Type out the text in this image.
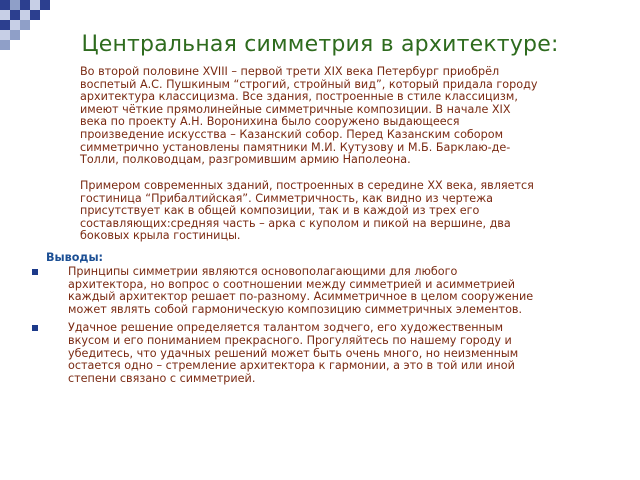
Центральная симметрия в архитектуре:
Во второй половине XVIII – первой трети XIX века Петербург приобрёл
воспетый А.С. Пушкиным “строгий, стройный вид”, который придала городу
архитектура классицизма. Все здания, построенные в стиле классицизм,
имеют чёткие прямолинейные симметричные композиции. В начале XIX
века по проекту А.Н. Воронихина было сооружено выдающееся
произведение искусства – Казанский собор. Перед Казанским собором
симметрично установлены памятники М.И. Кутузову и М.Б. Барклаю-де-
Толли, полководцам, разгромившим армию Наполеона.
Примером современных зданий, построенных в середине XX века, является
гостиница “Прибалтийская”. Симметричность, как видно из чертежа
присутствует как в общей композиции, так и в каждой из трех его
составляющих:средняя часть – арка с куполом и пикой на вершине, два
боковых крыла гостиницы.
Выводы:
Принципы симметрии являются основополагающими для любого
архитектора, но вопрос о соотношении между симметрией и асимметрией
каждый архитектор решает по-разному. Асимметричное в целом сооружение
может являть собой гармоническую композицию симметричных элементов.
Удачное решение определяется талантом зодчего, его художественным
вкусом и его пониманием прекрасного. Прогуляйтесь по нашему городу и
убедитесь, что удачных решений может быть очень много, но неизменным
остается одно – стремление архитектора к гармонии, а это в той или иной
степени связано с симметрией.
